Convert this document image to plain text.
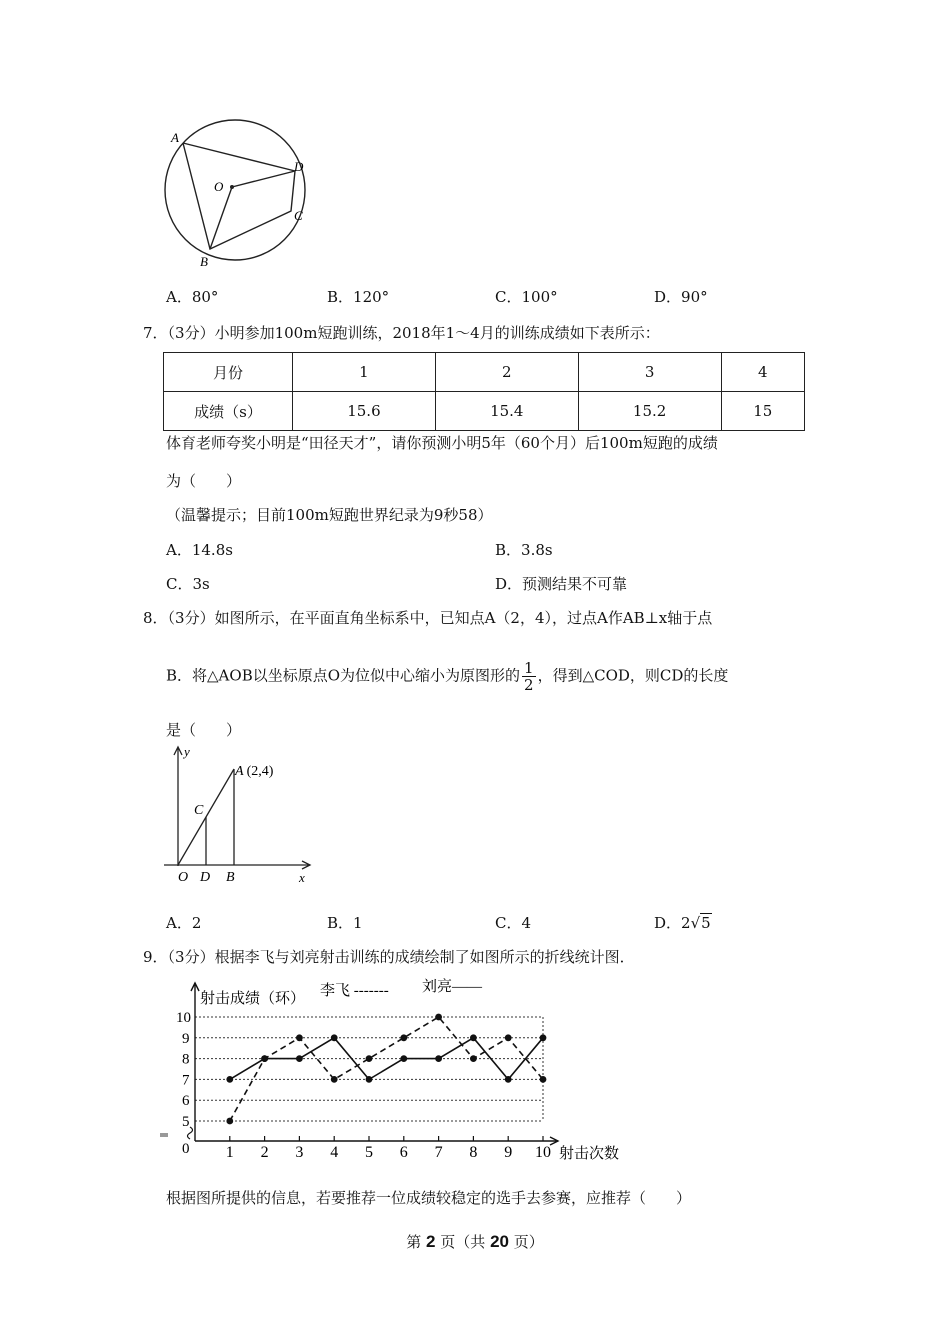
A
D
C
O
B
A．80°	B．120°	C．100°	D．90°
7．（3分）小明参加100m短跑训练，2018年1～4月的训练成绩如下表所示：
月份	1	2	3	4
成绩（s）	15.6	15.4	15.2	15
体育老师夸奖小明是“田径天才”，请你预测小明5年（60个月）后100m短跑的成绩
为（　　）
（温馨提示；目前100m短跑世界纪录为9秒58）
A．14.8s	B．3.8s
C．3s	D．预测结果不可靠
8．（3分）如图所示，在平面直角坐标系中，已知点A（2，4），过点A作AB⊥x轴于点
B．将△AOB以坐标原点O为位似中心缩小为原图形的 $\frac{1}{2}$ ，得到△COD，则CD的长度
是（　　）
y
x
A (2,4)
C
O D B
A．2	B．1	C．4	D．2√5
9．（3分）根据李飞与刘亮射击训练的成绩绘制了如图所示的折线统计图．
1 2 3 4 5 6 7 8 9 10
0
5
6
7
8
9
10
射击成绩（环）
射击次数
李飞 ------- 刘亮——
根据图所提供的信息，若要推荐一位成绩较稳定的选手去参赛，应推荐（　　）
第 2 页（共 20 页）
